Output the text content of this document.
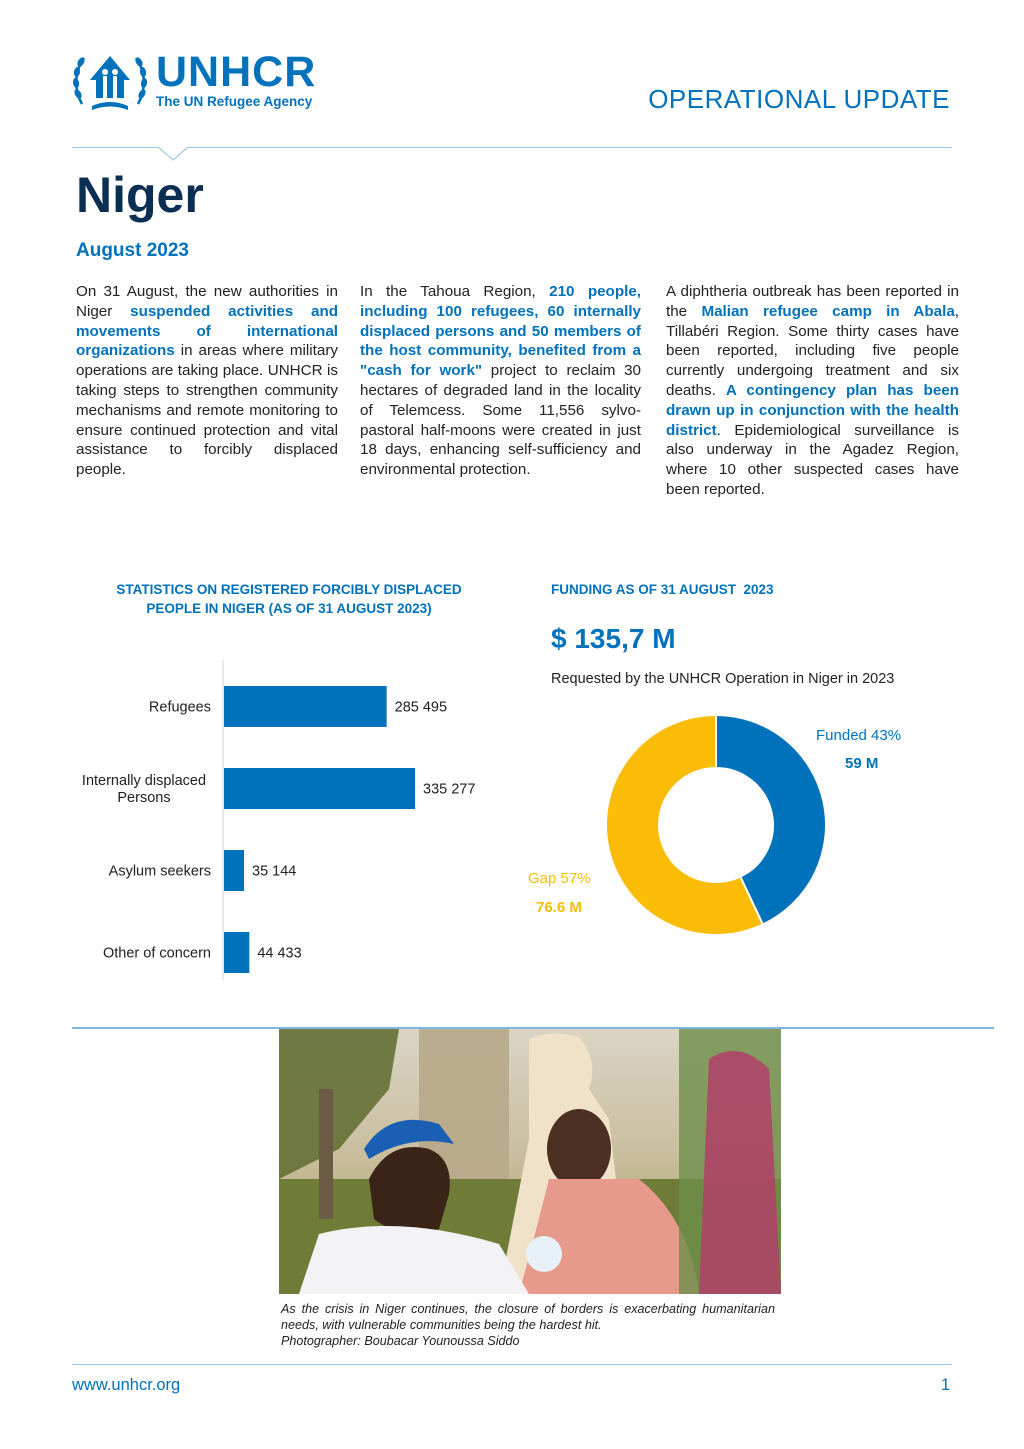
UNHCR
The UN Refugee Agency	OPERATIONAL UPDATE
Niger
August 2023
On 31 August, the new authorities in Niger suspended activities and movements of international organizations in areas where military operations are taking place. UNHCR is taking steps to strengthen community mechanisms and remote monitoring to ensure continued protection and vital assistance to forcibly displaced people.
In the Tahoua Region, 210 people, including 100 refugees, 60 internally displaced persons and 50 members of the host community, benefited from a "cash for work" project to reclaim 30 hectares of degraded land in the locality of Telemcess. Some 11,556 sylvo-pastoral half-moons were created in just 18 days, enhancing self-sufficiency and environmental protection.
A diphtheria outbreak has been reported in the Malian refugee camp in Abala, Tillabéri Region. Some thirty cases have been reported, including five people currently undergoing treatment and six deaths. A contingency plan has been drawn up in conjunction with the health district. Epidemiological surveillance is also underway in the Agadez Region, where 10 other suspected cases have been reported.
STATISTICS ON REGISTERED FORCIBLY DISPLACED
PEOPLE IN NIGER (AS OF 31 AUGUST 2023)
285 495
Refugees
335 277
Internally displaced
Persons
35 144
Asylum seekers
44 433
Other of concern
FUNDING AS OF 31 AUGUST  2023
$ 135,7 M
Requested by the UNHCR Operation in Niger in 2023
Funded 43%
59 M
Gap 57%
76.6 M
As the crisis in Niger continues, the closure of borders is exacerbating humanitarian needs, with vulnerable communities being the hardest hit.
Photographer: Boubacar Younoussa Siddo
www.unhcr.org	1
